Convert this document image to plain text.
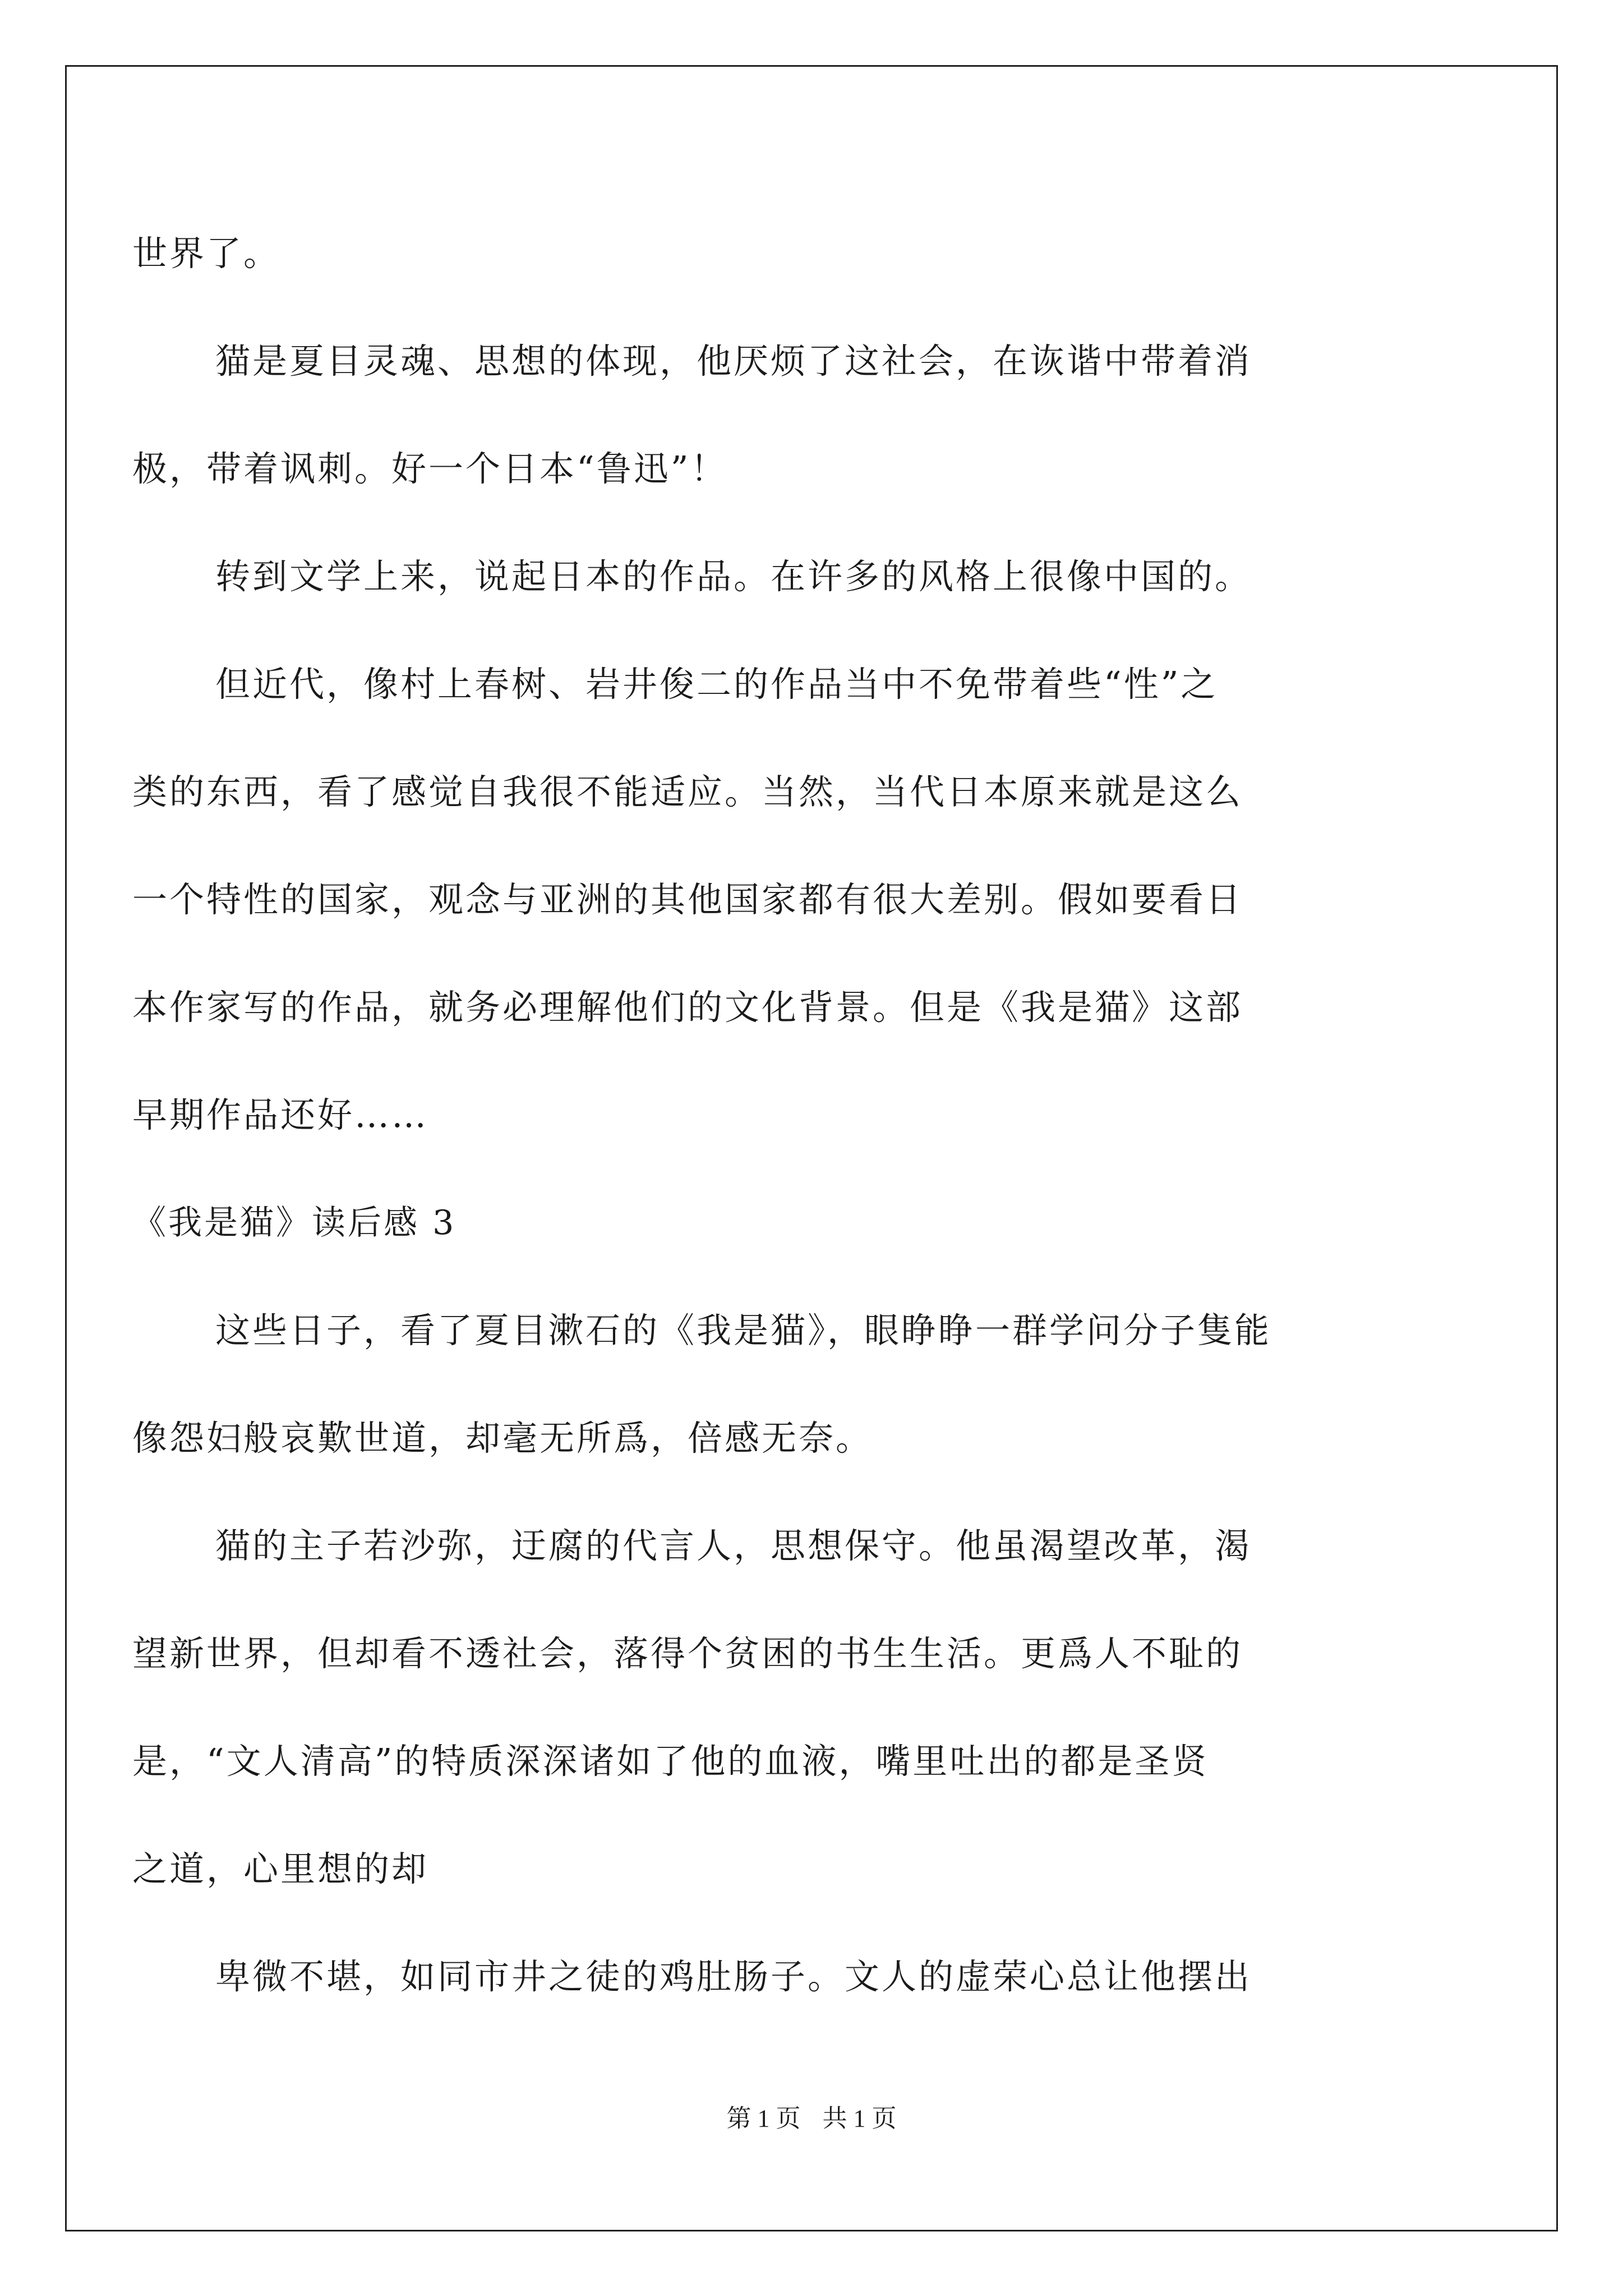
世界了。
猫是夏目灵魂、思想的体现，他厌烦了这社会，在诙谐中带着消
极，带着讽刺。好一个日本“鲁迅”！
转到文学上来，说起日本的作品。在许多的风格上很像中国的。
但近代，像村上春树、岩井俊二的作品当中不免带着些“性”之
类的东西，看了感觉自我很不能适应。当然，当代日本原来就是这么
一个特性的国家，观念与亚洲的其他国家都有很大差别。假如要看日
本作家写的作品，就务必理解他们的文化背景。但是《我是猫》这部
早期作品还好……
《我是猫》读后感 3
这些日子，看了夏目漱石的《我是猫》，眼睁睁一群学问分子隻能
像怨妇般哀歎世道，却毫无所爲，倍感无奈。
猫的主子若沙弥，迂腐的代言人，思想保守。他虽渴望改革，渴
望新世界，但却看不透社会，落得个贫困的书生生活。更爲人不耻的
是，“文人清高”的特质深深诸如了他的血液，嘴里吐出的都是圣贤
之道，心里想的却
卑微不堪，如同市井之徒的鸡肚肠子。文人的虚荣心总让他摆出
第 1 页 共 1 页
